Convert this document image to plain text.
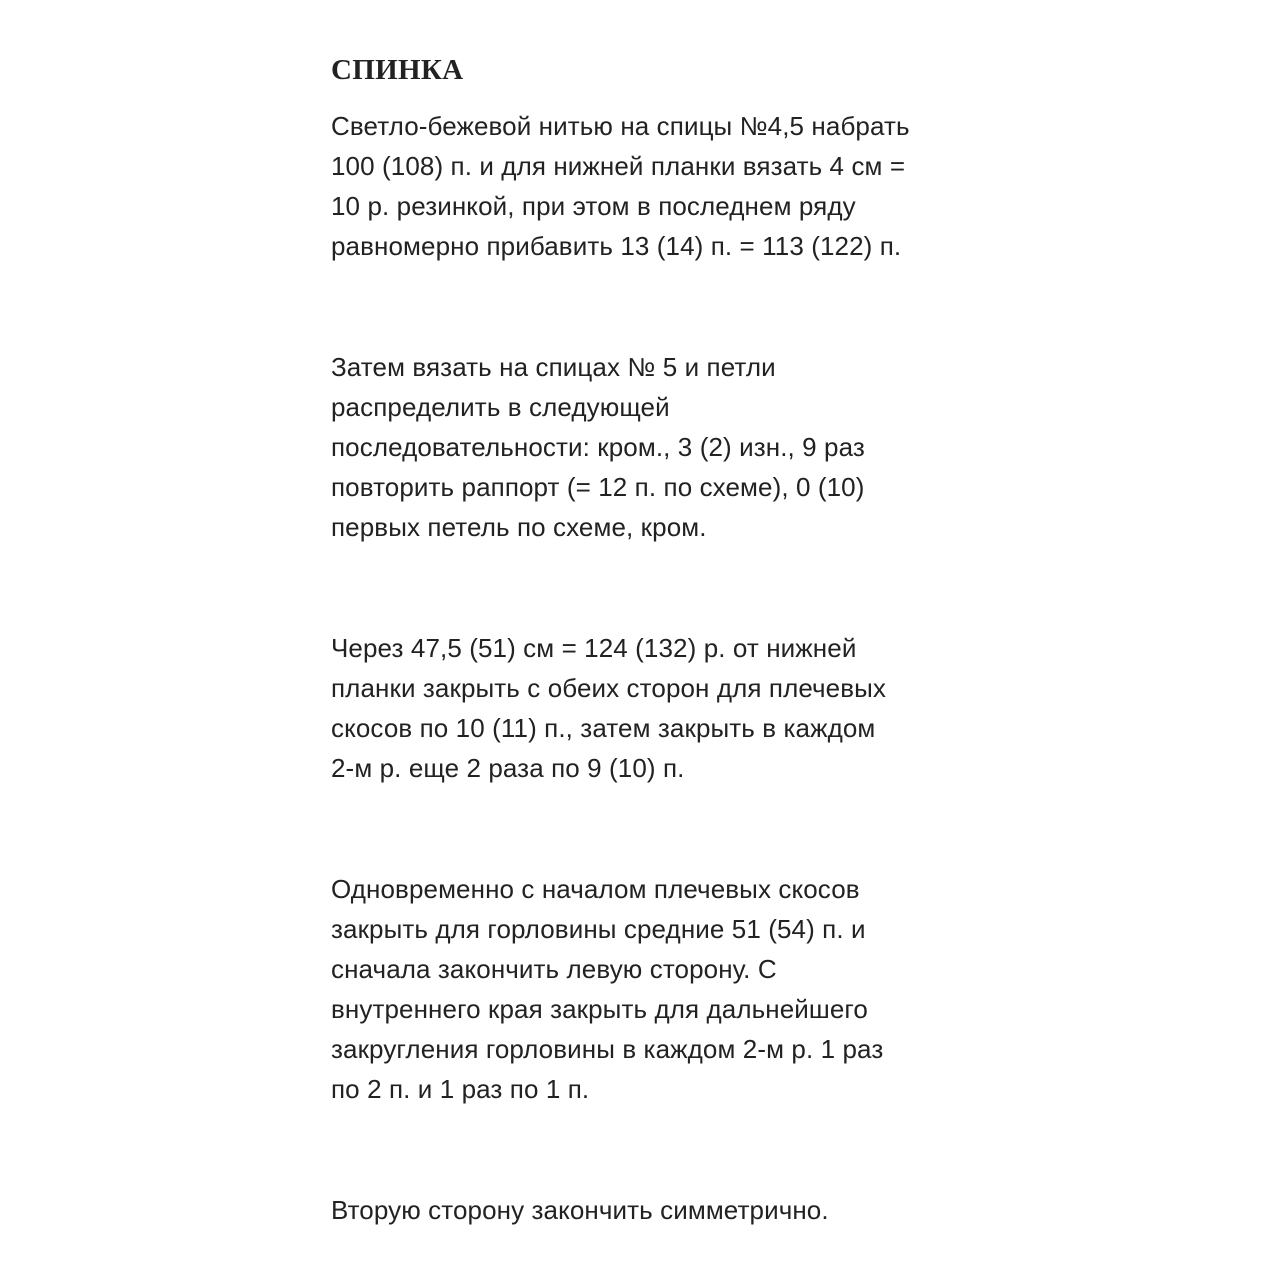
СПИНКА

Светло-бежевой нитью на спицы №4,5 набрать
100 (108) п. и для нижней планки вязать 4 см =
10 р. резинкой, при этом в последнем ряду
равномерно прибавить 13 (14) п. = 113 (122) п.

Затем вязать на спицах № 5 и петли
распределить в следующей
последовательности: кром., 3 (2) изн., 9 раз
повторить раппорт (= 12 п. по схеме), 0 (10)
первых петель по схеме, кром.

Через 47,5 (51) см = 124 (132) р. от нижней
планки закрыть с обеих сторон для плечевых
скосов по 10 (11) п., затем закрыть в каждом
2-м р. еще 2 раза по 9 (10) п.

Одновременно с началом плечевых скосов
закрыть для горловины средние 51 (54) п. и
сначала закончить левую сторону. С
внутреннего края закрыть для дальнейшего
закругления горловины в каждом 2-м р. 1 раз
по 2 п. и 1 раз по 1 п.

Вторую сторону закончить симметрично.
